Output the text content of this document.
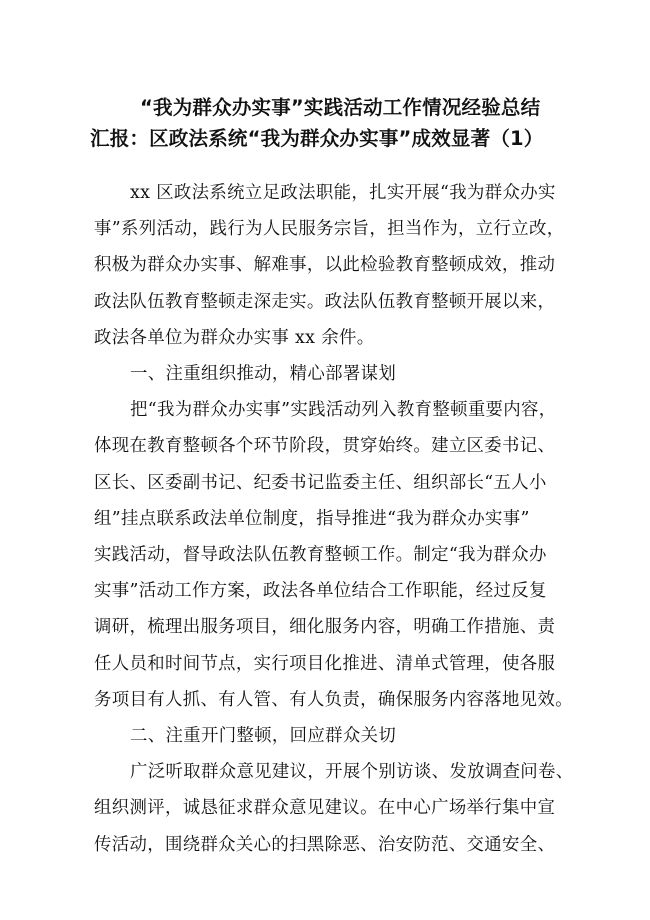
“我为群众办实事”实践活动工作情况经验总结
汇报：区政法系统“我为群众办实事”成效显著（1）
xx 区政法系统立足政法职能，扎实开展“我为群众办实
事”系列活动，践行为人民服务宗旨，担当作为，立行立改，
积极为群众办实事、解难事，以此检验教育整顿成效，推动
政法队伍教育整顿走深走实。政法队伍教育整顿开展以来，
政法各单位为群众办实事 xx 余件。
一、注重组织推动，精心部署谋划
把“我为群众办实事”实践活动列入教育整顿重要内容，
体现在教育整顿各个环节阶段，贯穿始终。建立区委书记、
区长、区委副书记、纪委书记监委主任、组织部长“五人小
组”挂点联系政法单位制度，指导推进“我为群众办实事”
实践活动，督导政法队伍教育整顿工作。制定“我为群众办
实事”活动工作方案，政法各单位结合工作职能，经过反复
调研，梳理出服务项目，细化服务内容，明确工作措施、责
任人员和时间节点，实行项目化推进、清单式管理，使各服
务项目有人抓、有人管、有人负责，确保服务内容落地见效。
二、注重开门整顿，回应群众关切
广泛听取群众意见建议，开展个别访谈、发放调查问卷、
组织测评，诚恳征求群众意见建议。在中心广场举行集中宣
传活动，围绕群众关心的扫黑除恶、治安防范、交通安全、
